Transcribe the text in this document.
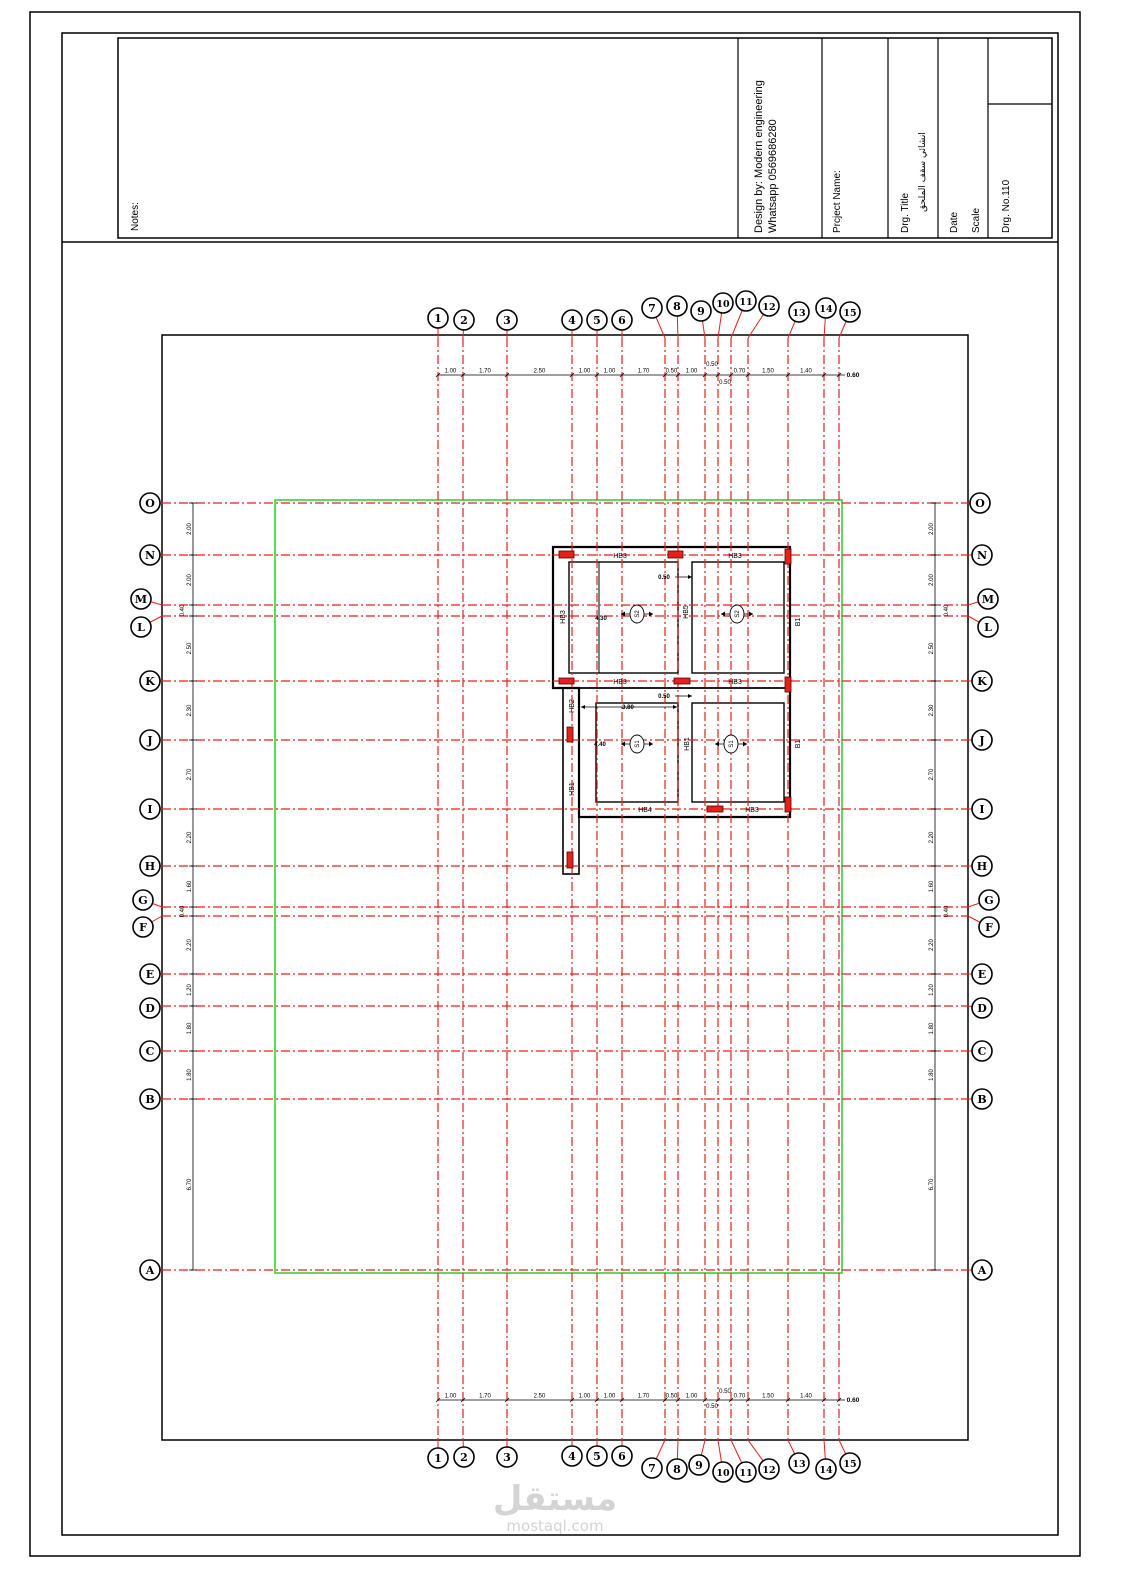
Notes:	Design by: Modern engineering Whatsapp 0569686280	Prcject Name:	Drg. Title
انشائي سقف الملحق
Date Scale Drg. No.110
1.00	1.70	2.50	1.00 1.00	1.70	0.50 1.00
0.50
0.50
0.70	1.50	1.40
0.60
1.00	1.70	2.50	1.00 1.00	1.70	0.50 1.00
0.50
0.50
0.70	1.50	1.40
0.60
2.00
2.00
0.40
2.50
2.30
2.70
2.20
1.60
0.40
2.20
1.20
1.80
1.80
6.70
2.00
2.00
0.40
2.50
2.30
2.70
2.20
1.60
0.40
2.20
1.20
1.80
1.80
6.70
HB3	HB3
HB3	HB3
HB4	HB3
HB3	HB5
B1
B1
HB2
HB1
HB1
S2	S2
S1	S1
0.50
0.50
3.80
4.30
4.40
1
1
2
2
3
3
4
4
5
5
6
6
7
7
8
8
9
9
10
10
11
11
12
12
13
13
14
14
15
15
O	O
N	N
M	M
L	L
K	K
J	J
I	I
H	H
G	G
F	F
E	E
D	D
C	C
B	B
A	A
مستقل
mostaql.com
